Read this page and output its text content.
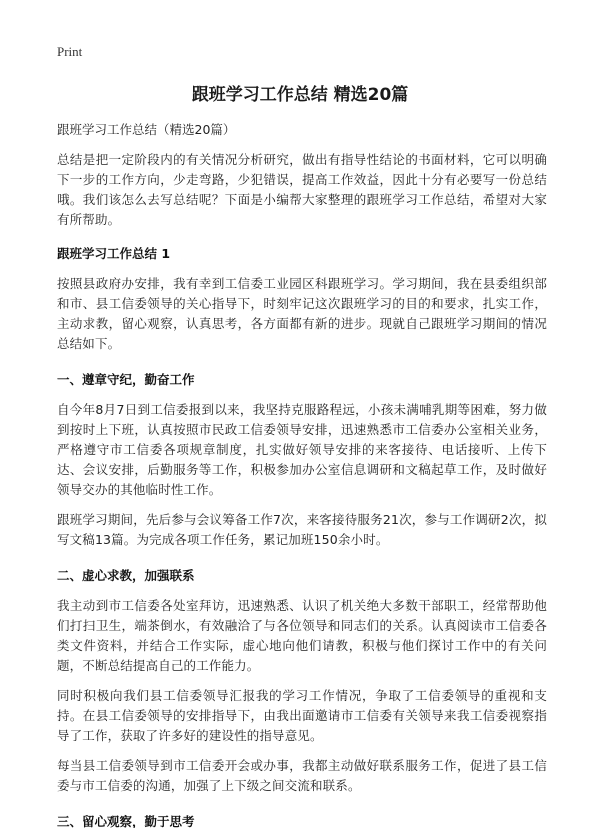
Print
跟班学习工作总结 精选20篇

跟班学习工作总结（精选20篇）

总结是把一定阶段内的有关情况分析研究，做出有指导性结论的书面材料，它可以明确下一步的工作方向，少走弯路，少犯错误，提高工作效益，因此十分有必要写一份总结哦。我们该怎么去写总结呢？下面是小编帮大家整理的跟班学习工作总结，希望对大家有所帮助。

跟班学习工作总结 1

按照县政府办安排，我有幸到工信委工业园区科跟班学习。学习期间，我在县委组织部和市、县工信委领导的关心指导下，时刻牢记这次跟班学习的目的和要求，扎实工作，主动求教，留心观察，认真思考，各方面都有新的进步。现就自己跟班学习期间的情况总结如下。

一、遵章守纪，勤奋工作

自今年8月7日到工信委报到以来，我坚持克服路程远，小孩未满哺乳期等困难，努力做到按时上下班，认真按照市民政工信委领导安排，迅速熟悉市工信委办公室相关业务，严格遵守市工信委各项规章制度，扎实做好领导安排的来客接待、电话接听、上传下达、会议安排，后勤服务等工作，积极参加办公室信息调研和文稿起草工作，及时做好领导交办的其他临时性工作。

跟班学习期间，先后参与会议筹备工作7次，来客接待服务21次，参与工作调研2次，拟写文稿13篇。为完成各项工作任务，累记加班150余小时。

二、虚心求教，加强联系

我主动到市工信委各处室拜访，迅速熟悉、认识了机关绝大多数干部职工，经常帮助他们打扫卫生，端茶倒水，有效融洽了与各位领导和同志们的关系。认真阅读市工信委各类文件资料，并结合工作实际，虚心地向他们请教，积极与他们探讨工作中的有关问题，不断总结提高自己的工作能力。

同时积极向我们县工信委领导汇报我的学习工作情况，争取了工信委领导的重视和支持。在县工信委领导的安排指导下，由我出面邀请市工信委有关领导来我工信委视察指导了工作，获取了许多好的建设性的指导意见。

每当县工信委领导到市工信委开会或办事，我都主动做好联系服务工作，促进了县工信委与市工信委的沟通，加强了上下级之间交流和联系。

三、留心观察，勤于思考
